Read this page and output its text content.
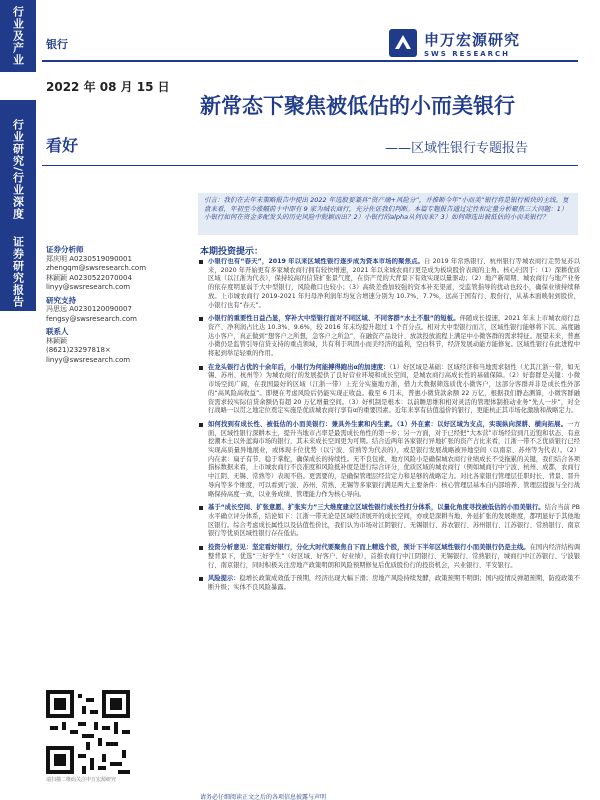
行业及产业
行业研究/行业深度
证券研究报告
银行	申万宏源研究
SWS RESEARCH
2022 年 08 月 15 日
新常态下聚焦被低估的小而美银行
看好	——区域性银行专题报告
引言：我们在去年末策略报告中提出 2022 年选股要兼具“资产端+风险分”，并推断今年“小而美”银行将是银行板块的主线。复盘来看，年初至今涨幅前十中即有 9 家为城农商行，充分佐证我们判断。本篇专题报告通过定性和定量分析聚焦三大问题：1）小银行如何在资金多配发头的历史风险中脱颖而出？2）小银行的alpha从何而来？3）如何筛选出被低估的小而美银行？
证券分析师
郑庆明 A0230519090001
zhengqm@swsresearch.com
林颖颖 A0230522070004
linyy@swsresearch.com
研究支持
冯思远 A0230120090007
fengsy@swsresearch.com
联系人
林颖颖
(8621)23297818×
linyy@swsresearch.com
本期投资提示：
小银行也有“春天”，2019 年以来区域性银行逐步成为资本市场的聚焦点。自 2019 年常熟银行、杭州银行等城农商行走势复苏以来，2020 年开始更有多家城农商行拥有较快增速，2021 年以来城农商行更是成为板块股价表现的主角。核心归因于：（1）深耕优质区域（以江浙为代表），保持较高的信贷扩张景气度，在资产荒的大背景下有效实现以量驱动；（2）地产新周期、城农商行与地产业务的依存度明显弱于大中型银行，风险敞口也较小；（3）高级差叠加较强的资本补充渠道，受监管指导的扰动也较小，确保业绩持续释放。上市城农商行 2019-2021 年归母净利润年均复合增速分别为 10.7%、7.7%，远高于国有行、股份行，从基本面映射到股价，小银行也有“春天”。
小银行的重要性日益凸显，穿补大中型银行面对不同区域、不同客群“水土不服”的短板。伴随成长提速，2021 年末上市城农商行总资产、净利润占比达 10.3%、9.6%，较 2016 年末均提升超过 1 个百分点。相对大中型银行而言，区域性银行能够将下沉、高度融达小客户，真正做到“想客户之所想，急客户之所急”，在融资产品设计、放款投放流程上满足中小微客群的需求特征。展望未来，普惠小微仍是监管引导信贷支持的重点领域，共有利于巩固小而美经济的溢利，空白科节，经济发展动能方能修复。区域性银行在此进程中将起到举足轻重的作用。
在龙头银行占优的十余年后，小银行为何能搏得跑出α的加速度：（1）好区域是基础：区域经济和当地需求韧性（尤其江浙一带，如无锡、苏州、杭州等）为城农商行的发展提供了良好营业环境和成长空间，是城农商行高成长性的基础保障。（2）好套群是关键：小微市场空间广阔，在我国最好的区域（江浙一带）上充分实施地方浙，借力大数据筛选质优小微客户，这部分客群并非是成长性外部的“高风险高收益”。即便在考虑风险后仍能实现正收益。截至 6 月末，普惠小微贷款余额 22 万亿，根据我们静态测算，小微客群融资需求较实际信贷余额仍有超 20 万亿增量空间。（3）好机制是根本：以前瞻思维和相对灵活的管理体制推动业务“先人一步”，对全行战略一以贯之地定位奠定实施是优质城农商行享有α的重要因素。近年来享有估值溢价的银行，更能杭正其市场化激励和战略定力。
如何找到有成长性、被低估的小而美银行：兼具外生素和内生素。（1）外在素：以好区域为支点，实现纵向深耕、横向拓展。一方面，区域性银行深耕本土，提升当地市占率是最需成长角性的第一步；另一方面，对于已经把“大本营”市场经营到几近饱和状态、有意挖潮本土以外蓝海市场的银行，其未来成长空间更为可期。结合近两年各家银行异地扩张的资产占比来看，江浙一带不乏优质银行已经实现高质量异地展业，或体现卡位优势（以宁波、常熟等为代表的），或是银行发展战略被异地空间（以南京、苏州等为代表）。（2）内在素：扁子有节、稳于掌舵，确保成长的持续性。无不良包袱、地方风险小是确保城农商行业绩成长不受拖累的关键，我们结合各项指标数据来看，上市城农商行不良准度和风险抵补度是进行综合评分，优质区域的城农商行（例如城商行中宁波、杭州、成都，农商行中江阴、无锡、常熟等）表现不俗。更需要的，是确保管理层经营定力和足够的战略定力。对比各家银行管理层任职时长、背景、晋升导向等多个维度，可以看到宁波、苏州、常熟、无锡等多家银行满足两大主要条件：核心管理层基本自内部培养、管理层提拔与全行战略保持高度一致，以业务成绩、管理能力作为核心导向。
基于“成长空间、扩张意愿、扩张实力”三大维度建立区域性银行成长性打分体系，以量化角度寻找被低估的小而美银行。结合当前 PB 水平确立评分体系，结论如下：江浙一带无论是区域经济展开的成长空间，亦或是深耕当地、外延扩张的发展维度，都明显好于其他地区银行。综合考虑成长属性以及估值性价比，我们认为市场对江阴银行、无锡银行、苏农银行、苏州银行、江苏银行、常熟银行、南京银行等优质区域性银行存在低估。
投资分析意见：坚定看好银行，分化大时代要聚焦自下而上精选个股，预计下半年区域性银行小而美银行仍是主线。在国内经济结构调整背景下，优选“三好学生”（好区域、好客户、好业绩），首推农商行中江阴银行、无锡银行、常熟银行，城商行中江苏银行、宁波银行、南京银行，同时积极关注房地产政策明朗和风险预期修复后优质股份行的投资机会，兴业银行、平安银行。
风险提示：稳增长政策成效低于预期，经济出现大幅下滑；房地产风险持续发酵，政策预期不明朗；国内疫情反弹超预期，防疫政策不断升级；实体不良风险暴露。
请扫描二维码关注申万宏源研究
请务必仔细阅读正文之后的各项信息披露与声明
